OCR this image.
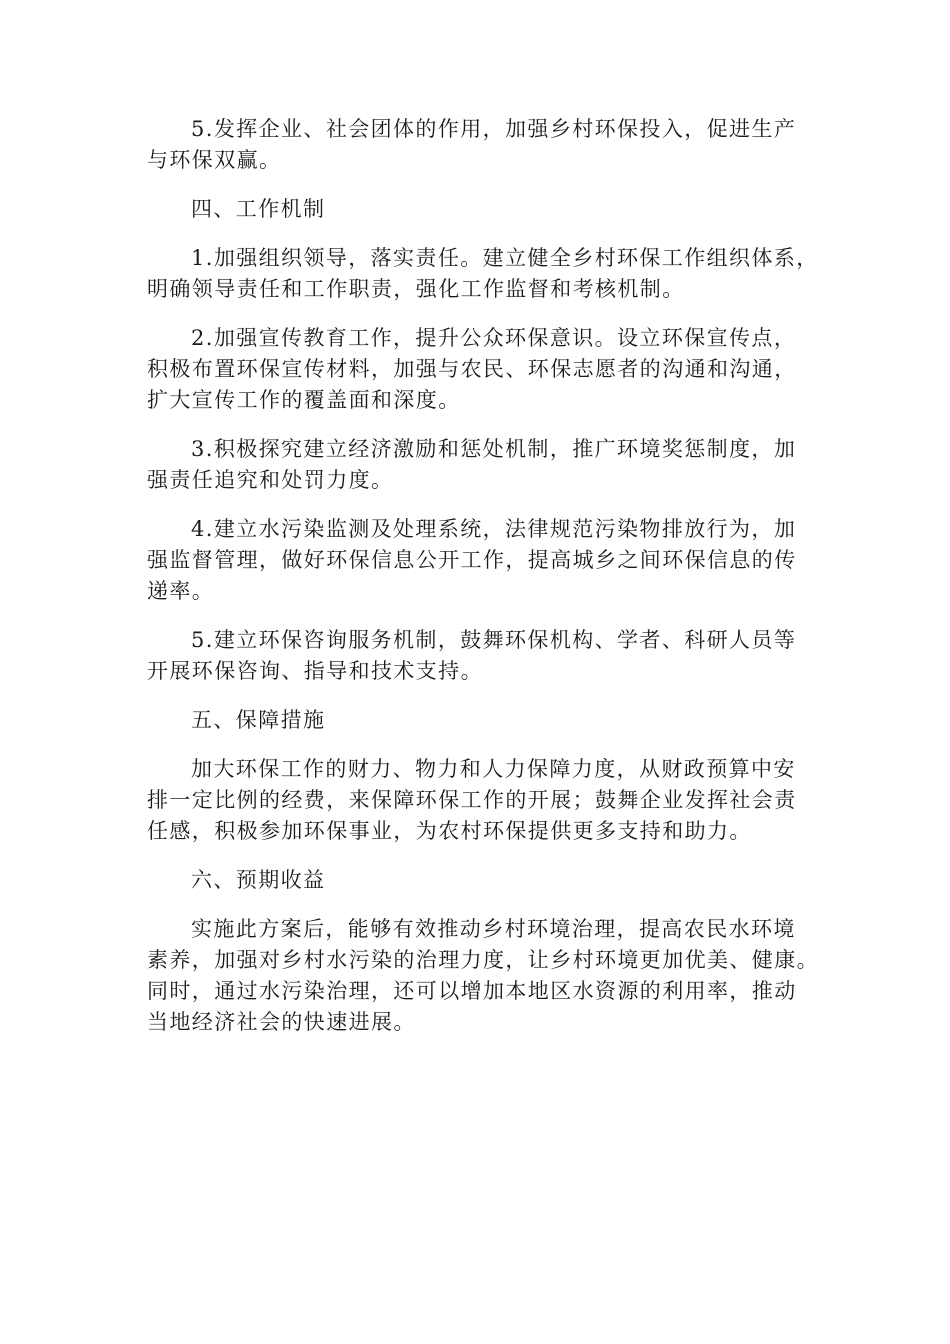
5.发挥企业、社会团体的作用，加强乡村环保投入，促进生产
与环保双赢。
四、工作机制
1.加强组织领导，落实责任。建立健全乡村环保工作组织体系，
明确领导责任和工作职责，强化工作监督和考核机制。
2.加强宣传教育工作，提升公众环保意识。设立环保宣传点，
积极布置环保宣传材料，加强与农民、环保志愿者的沟通和沟通，
扩大宣传工作的覆盖面和深度。
3.积极探究建立经济激励和惩处机制，推广环境奖惩制度，加
强责任追究和处罚力度。
4.建立水污染监测及处理系统，法律规范污染物排放行为，加
强监督管理，做好环保信息公开工作，提高城乡之间环保信息的传
递率。
5.建立环保咨询服务机制，鼓舞环保机构、学者、科研人员等
开展环保咨询、指导和技术支持。
五、保障措施
加大环保工作的财力、物力和人力保障力度，从财政预算中安
排一定比例的经费，来保障环保工作的开展；鼓舞企业发挥社会责
任感，积极参加环保事业，为农村环保提供更多支持和助力。
六、预期收益
实施此方案后，能够有效推动乡村环境治理，提高农民水环境
素养，加强对乡村水污染的治理力度，让乡村环境更加优美、健康。
同时，通过水污染治理，还可以增加本地区水资源的利用率，推动
当地经济社会的快速进展。
